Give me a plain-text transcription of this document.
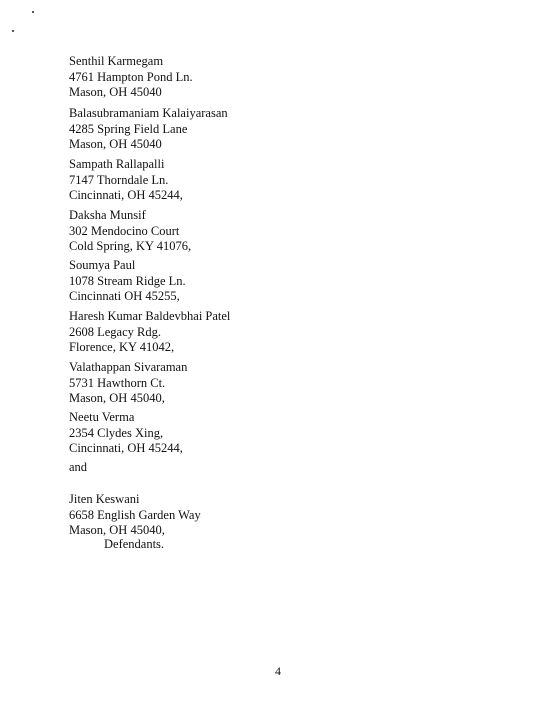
Senthil Karmegam
4761 Hampton Pond Ln.
Mason, OH 45040
Balasubramaniam Kalaiyarasan
4285 Spring Field Lane
Mason, OH 45040
Sampath Rallapalli
7147 Thorndale Ln.
Cincinnati, OH 45244,
Daksha Munsif
302 Mendocino Court
Cold Spring, KY 41076,
Soumya Paul
1078 Stream Ridge Ln.
Cincinnati OH 45255,
Haresh Kumar Baldevbhai Patel
2608 Legacy Rdg.
Florence, KY 41042,
Valathappan Sivaraman
5731 Hawthorn Ct.
Mason, OH 45040,
Neetu Verma
2354 Clydes Xing,
Cincinnati, OH 45244,
and
Jiten Keswani
6658 English Garden Way
Mason, OH 45040,
Defendants.
4
